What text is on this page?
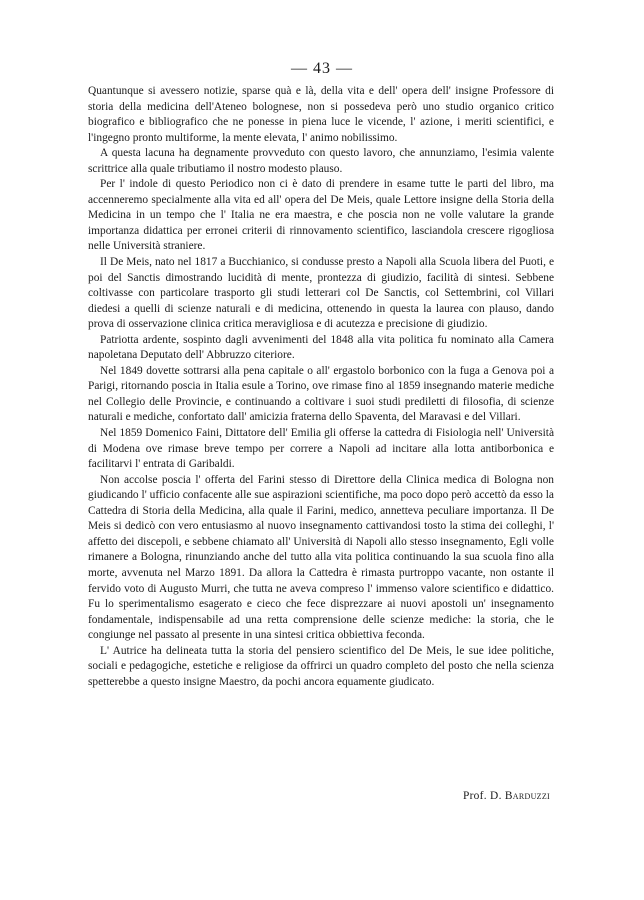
— 43 —

Quantunque si avessero notizie, sparse quà e là, della vita e dell' opera dell' insigne Professore di storia della medicina dell'Ateneo bolognese, non si possedeva però uno studio organico critico biografico e bibliografico che ne ponesse in piena luce le vicende, l' azione, i meriti scientifici, e l'ingegno pronto multiforme, la mente elevata, l' animo nobilissimo.

A questa lacuna ha degnamente provveduto con questo lavoro, che annunziamo, l'esimia valente scrittrice alla quale tributiamo il nostro modesto plauso.

Per l' indole di questo Periodico non ci è dato di prendere in esame tutte le parti del libro, ma accenneremo specialmente alla vita ed all' opera del De Meis, quale Lettore insigne della Storia della Medicina in un tempo che l' Italia ne era maestra, e che poscia non ne volle valutare la grande importanza didattica per erronei criterii di rinnovamento scientifico, lasciandola crescere rigogliosa nelle Università straniere.

Il De Meis, nato nel 1817 a Bucchianico, si condusse presto a Napoli alla Scuola libera del Puoti, e poi del Sanctis dimostrando lucidità di mente, prontezza di giudizio, facilità di sintesi. Sebbene coltivasse con particolare trasporto gli studi letterari col De Sanctis, col Settembrini, col Villari diedesi a quelli di scienze naturali e di medicina, ottenendo in questa la laurea con plauso, dando prova di osservazione clinica critica meravigliosa e di acutezza e precisione di giudizio.

Patriotta ardente, sospinto dagli avvenimenti del 1848 alla vita politica fu nominato alla Camera napoletana Deputato dell' Abbruzzo citeriore.

Nel 1849 dovette sottrarsi alla pena capitale o all' ergastolo borbonico con la fuga a Genova poi a Parigi, ritornando poscia in Italia esule a Torino, ove rimase fino al 1859 insegnando materie mediche nel Collegio delle Provincie, e continuando a coltivare i suoi studi prediletti di filosofia, di scienze naturali e mediche, confortato dall' amicizia fraterna dello Spaventa, del Maravasi e del Villari.

Nel 1859 Domenico Faini, Dittatore dell' Emilia gli offerse la cattedra di Fisiologia nell' Università di Modena ove rimase breve tempo per correre a Napoli ad incitare alla lotta antiborbonica e facilitarvi l' entrata di Garibaldi.

Non accolse poscia l' offerta del Farini stesso di Direttore della Clinica medica di Bologna non giudicando l' ufficio confacente alle sue aspirazioni scientifiche, ma poco dopo però accettò da esso la Cattedra di Storia della Medicina, alla quale il Farini, medico, annetteva peculiare importanza. Il De Meis si dedicò con vero entusiasmo al nuovo insegnamento cattivandosi tosto la stima dei colleghi, l' affetto dei discepoli, e sebbene chiamato all' Università di Napoli allo stesso insegnamento, Egli volle rimanere a Bologna, rinunziando anche del tutto alla vita politica continuando la sua scuola fino alla morte, avvenuta nel Marzo 1891. Da allora la Cattedra è rimasta purtroppo vacante, non ostante il fervido voto di Augusto Murri, che tutta ne aveva compreso l' immenso valore scientifico e didattico. Fu lo sperimentalismo esagerato e cieco che fece disprezzare ai nuovi apostoli un' insegnamento fondamentale, indispensabile ad una retta comprensione delle scienze mediche: la storia, che le congiunge nel passato al presente in una sintesi critica obbiettiva feconda.

L' Autrice ha delineata tutta la storia del pensiero scientifico del De Meis, le sue idee politiche, sociali e pedagogiche, estetiche e religiose da offrirci un quadro completo del posto che nella scienza spetterebbe a questo insigne Maestro, da pochi ancora equamente giudicato.

Prof. D. Barduzzi
